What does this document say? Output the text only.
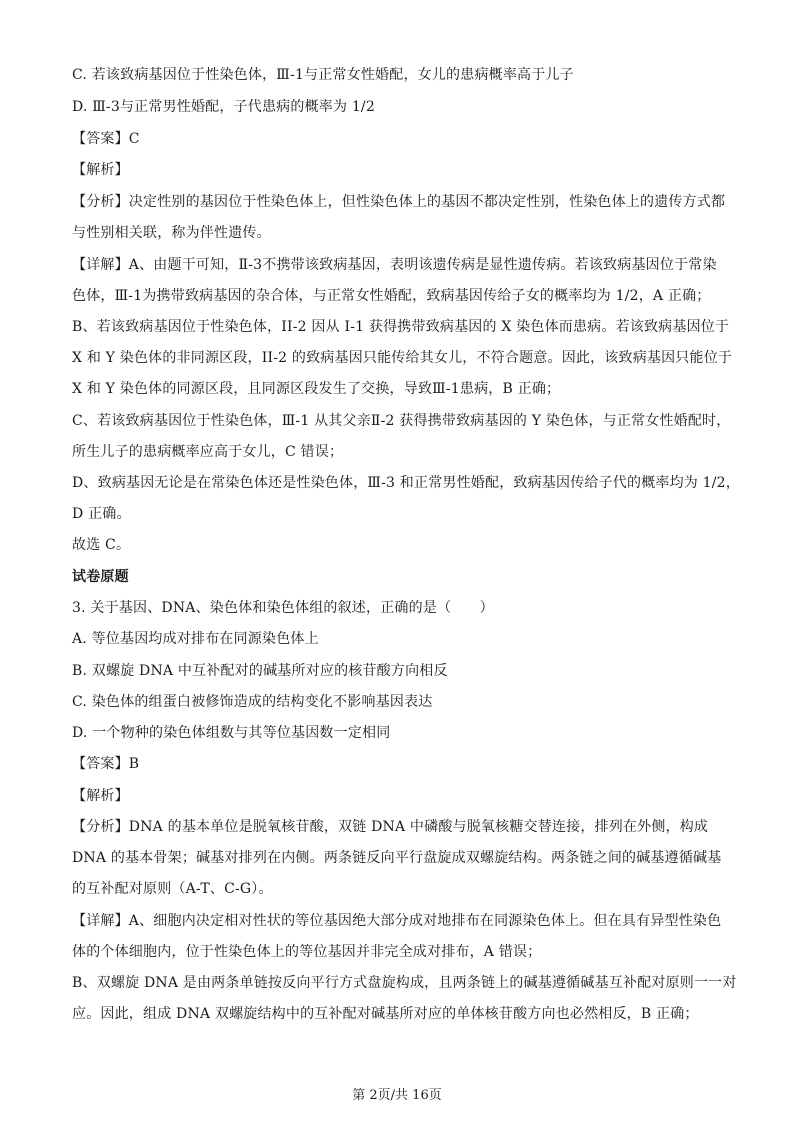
C. 若该致病基因位于性染色体，Ⅲ-1与正常女性婚配，女儿的患病概率高于儿子
D. Ⅲ-3与正常男性婚配，子代患病的概率为 1/2
【答案】C
【解析】
【分析】决定性别的基因位于性染色体上，但性染色体上的基因不都决定性别，性染色体上的遗传方式都
与性别相关联，称为伴性遗传。
【详解】A、由题干可知，Ⅱ-3不携带该致病基因，表明该遗传病是显性遗传病。若该致病基因位于常染
色体，Ⅲ-1为携带致病基因的杂合体，与正常女性婚配，致病基因传给子女的概率均为 1/2，A 正确；
B、若该致病基因位于性染色体，II-2 因从 I-1 获得携带致病基因的 X 染色体而患病。若该致病基因位于
X 和 Y 染色体的非同源区段，II-2 的致病基因只能传给其女儿，不符合题意。因此，该致病基因只能位于
X 和 Y 染色体的同源区段，且同源区段发生了交换，导致Ⅲ-1患病，B 正确；
C、若该致病基因位于性染色体，Ⅲ-1 从其父亲Ⅱ-2 获得携带致病基因的 Y 染色体，与正常女性婚配时，
所生儿子的患病概率应高于女儿，C 错误；
D、致病基因无论是在常染色体还是性染色体，Ⅲ-3 和正常男性婚配，致病基因传给子代的概率均为 1/2，
D 正确。
故选 C。
试卷原题
3. 关于基因、DNA、染色体和染色体组的叙述，正确的是（　　）
A. 等位基因均成对排布在同源染色体上
B. 双螺旋 DNA 中互补配对的碱基所对应的核苷酸方向相反
C. 染色体的组蛋白被修饰造成的结构变化不影响基因表达
D. 一个物种的染色体组数与其等位基因数一定相同
【答案】B
【解析】
【分析】DNA 的基本单位是脱氧核苷酸，双链 DNA 中磷酸与脱氧核糖交替连接，排列在外侧，构成
DNA 的基本骨架；碱基对排列在内侧。两条链反向平行盘旋成双螺旋结构。两条链之间的碱基遵循碱基
的互补配对原则（A-T、C-G）。
【详解】A、细胞内决定相对性状的等位基因绝大部分成对地排布在同源染色体上。但在具有异型性染色
体的个体细胞内，位于性染色体上的等位基因并非完全成对排布，A 错误；
B、双螺旋 DNA 是由两条单链按反向平行方式盘旋构成，且两条链上的碱基遵循碱基互补配对原则一一对
应。因此，组成 DNA 双螺旋结构中的互补配对碱基所对应的单体核苷酸方向也必然相反，B 正确；
第 2页/共 16页
